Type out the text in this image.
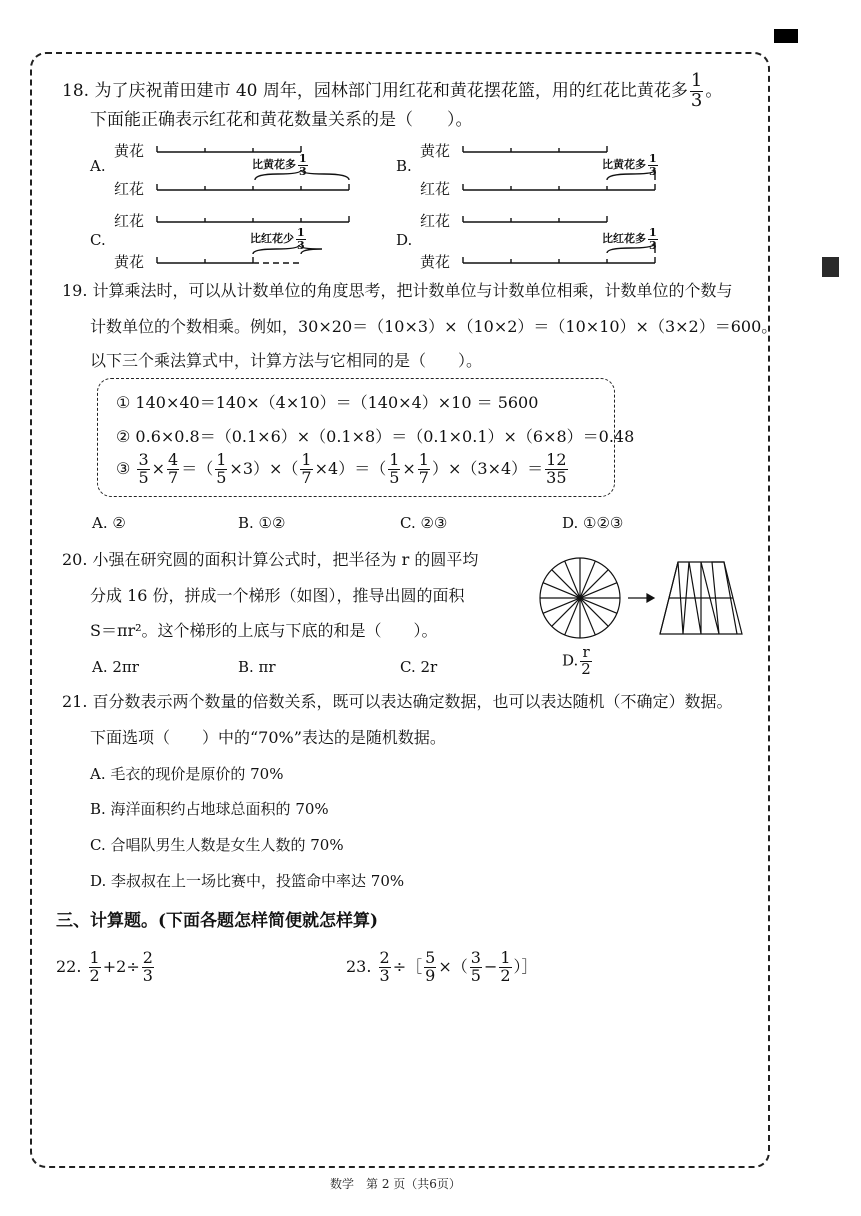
18. 为了庆祝莆田建市 40 周年，园林部门用红花和黄花摆花篮，用的红花比黄花多 $\frac{1}{3}$ 。
下面能正确表示红花和黄花数量关系的是（　　）。
A.
黄花
红花
比黄花多 $\frac{1}{3}$	B.
黄花
红花
比黄花多 $\frac{1}{3}$
C.
红花
黄花
比红花少 $\frac{1}{3}$	D.
红花
黄花
比红花多 $\frac{1}{3}$
19. 计算乘法时，可以从计数单位的角度思考，把计数单位与计数单位相乘，计数单位的个数与
计数单位的个数相乘。例如，30×20＝（10×3）×（10×2）＝（10×10）×（3×2）＝600。
以下三个乘法算式中，计算方法与它相同的是（　　）。
① 140×40＝140×（4×10）＝（140×4）×10 ＝ 5600
② 0.6×0.8＝（0.1×6）×（0.1×8）＝（0.1×0.1）×（6×8）＝0.48
③ $\frac{3}{5} \times \frac{4}{7}$ ＝（ $\frac{1}{5} \times 3)\times( \frac{1}{7} \times 4)=( \frac{1}{5} \times \frac{1}{7} )\times(3\times 4)= \frac{12}{35}$
A. ②	B. ①②	C. ②③	D. ①②③
20. 小强在研究圆的面积计算公式时，把半径为 r 的圆平均
分成 16 份，拼成一个梯形（如图），推导出圆的面积
S＝πr²。这个梯形的上底与下底的和是（　　）。
A. 2πr	B. πr	C. 2r	D. $\frac{r}{2}$
21. 百分数表示两个数量的倍数关系，既可以表达确定数据，也可以表达随机（不确定）数据。
下面选项（　　）中的“70%”表达的是随机数据。
A. 毛衣的现价是原价的 70%
B. 海洋面积约占地球总面积的 70%
C. 合唱队男生人数是女生人数的 70%
D. 李叔叔在上一场比赛中，投篮命中率达 70%
三、计算题。(下面各题怎样简便就怎样算)
22. $\frac{1}{2} +2\div \frac{2}{3}$	23. $\frac{2}{3}$ ÷［ $\frac{5}{9}$ ×（ $\frac{3}{5} - \frac{1}{2}$ ）］
数学　第 2 页（共6页）
